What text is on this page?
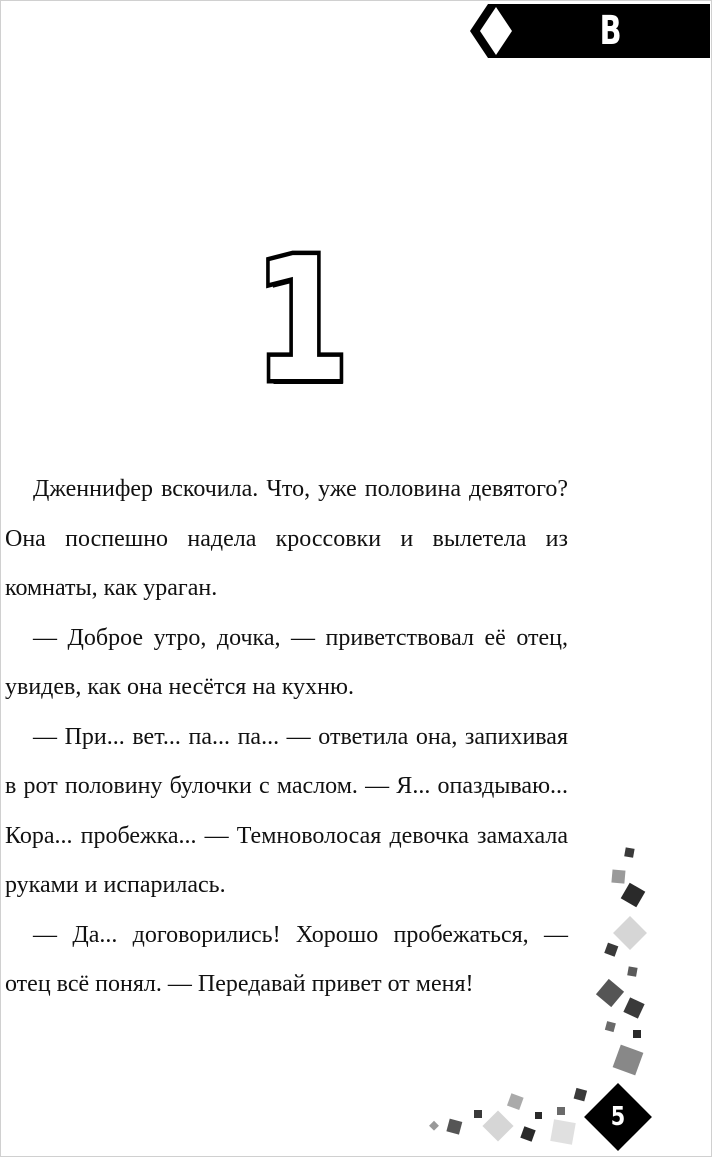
В РЕАЛЕ
1

Дженнифер вскочила. Что, уже половина девятого? Она поспешно надела кроссовки и вылетела из комнаты, как ураган.

— Доброе утро, дочка, — приветствовал её отец, увидев, как она несётся на кухню.

— При... вет... па... па... — ответила она, запихивая в рот половину булочки с маслом. — Я... опаздываю... Кора... пробежка... — Темноволосая девочка замахала руками и испарилась.

— Да... договорились! Хорошо пробежаться, — отец всё понял. — Передавай привет от меня!

5
